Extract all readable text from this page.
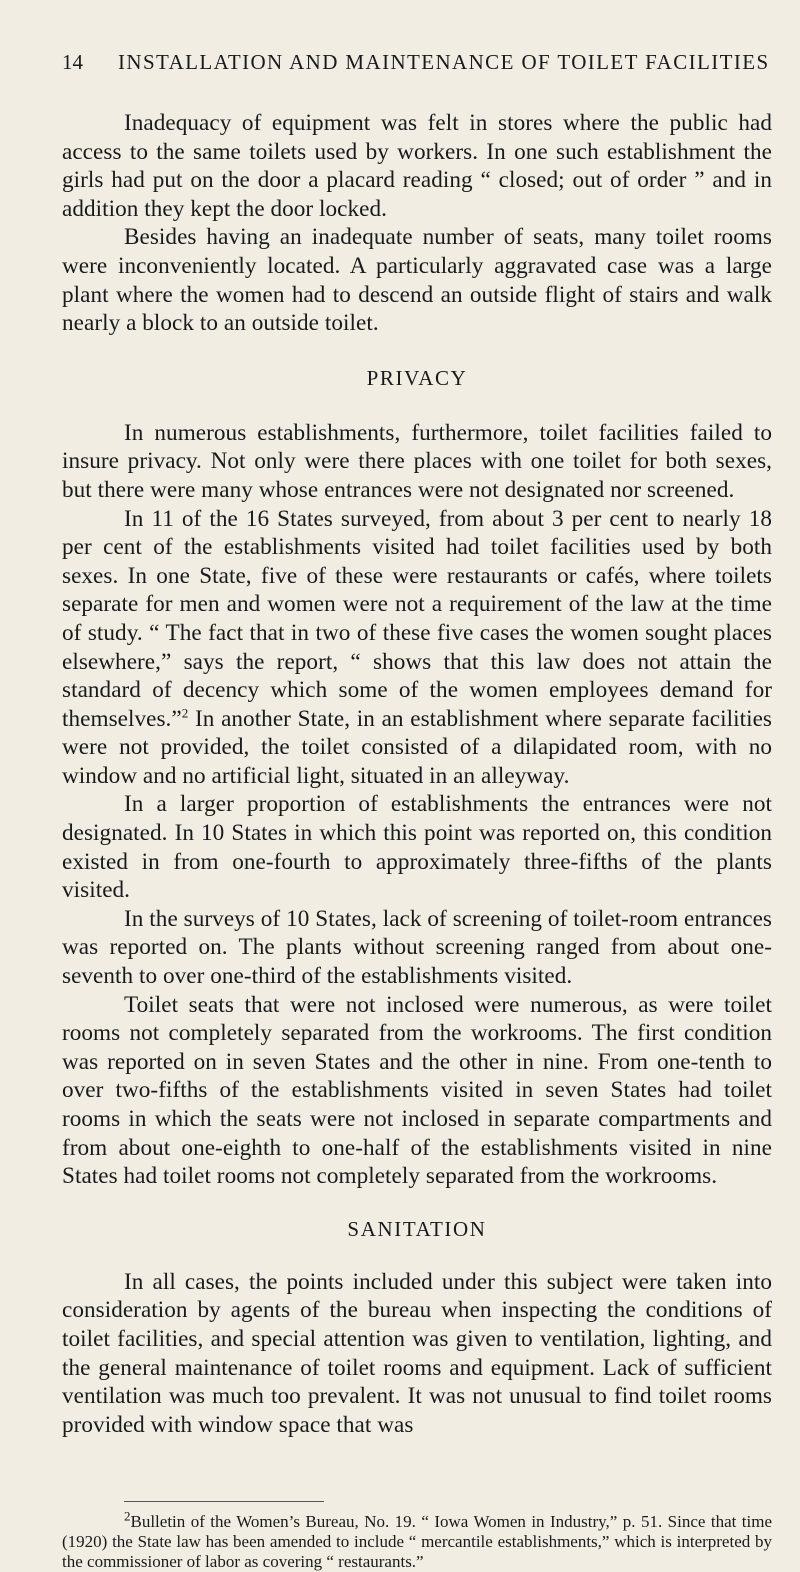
14 INSTALLATION AND MAINTENANCE OF TOILET FACILITIES

Inadequacy of equipment was felt in stores where the public had access to the same toilets used by workers. In one such establishment the girls had put on the door a placard reading “ closed; out of order ” and in addition they kept the door locked.

Besides having an inadequate number of seats, many toilet rooms were inconveniently located. A particularly aggravated case was a large plant where the women had to descend an outside flight of stairs and walk nearly a block to an outside toilet.

PRIVACY

In numerous establishments, furthermore, toilet facilities failed to insure privacy. Not only were there places with one toilet for both sexes, but there were many whose entrances were not designated nor screened.

In 11 of the 16 States surveyed, from about 3 per cent to nearly 18 per cent of the establishments visited had toilet facilities used by both sexes. In one State, five of these were restaurants or cafés, where toilets separate for men and women were not a requirement of the law at the time of study. “ The fact that in two of these five cases the women sought places elsewhere,” says the report, “ shows that this law does not attain the standard of decency which some of the women employees demand for themselves.”$^2$ In another State, in an establishment where separate facilities were not provided, the toilet consisted of a dilapidated room, with no window and no artificial light, situated in an alleyway.

In a larger proportion of establishments the entrances were not designated. In 10 States in which this point was reported on, this condition existed in from one-fourth to approximately three-fifths of the plants visited.

In the surveys of 10 States, lack of screening of toilet-room entrances was reported on. The plants without screening ranged from about one-seventh to over one-third of the establishments visited.

Toilet seats that were not inclosed were numerous, as were toilet rooms not completely separated from the workrooms. The first condition was reported on in seven States and the other in nine. From one-tenth to over two-fifths of the establishments visited in seven States had toilet rooms in which the seats were not inclosed in separate compartments and from about one-eighth to one-half of the establishments visited in nine States had toilet rooms not completely separated from the workrooms.

SANITATION

In all cases, the points included under this subject were taken into consideration by agents of the bureau when inspecting the conditions of toilet facilities, and special attention was given to ventilation, lighting, and the general maintenance of toilet rooms and equipment. Lack of sufficient ventilation was much too prevalent. It was not unusual to find toilet rooms provided with window space that was

$^2$Bulletin of the Women’s Bureau, No. 19. “ Iowa Women in Industry,” p. 51. Since that time (1920) the State law has been amended to include “ mercantile establishments,” which is interpreted by the commissioner of labor as covering “ restaurants.”
